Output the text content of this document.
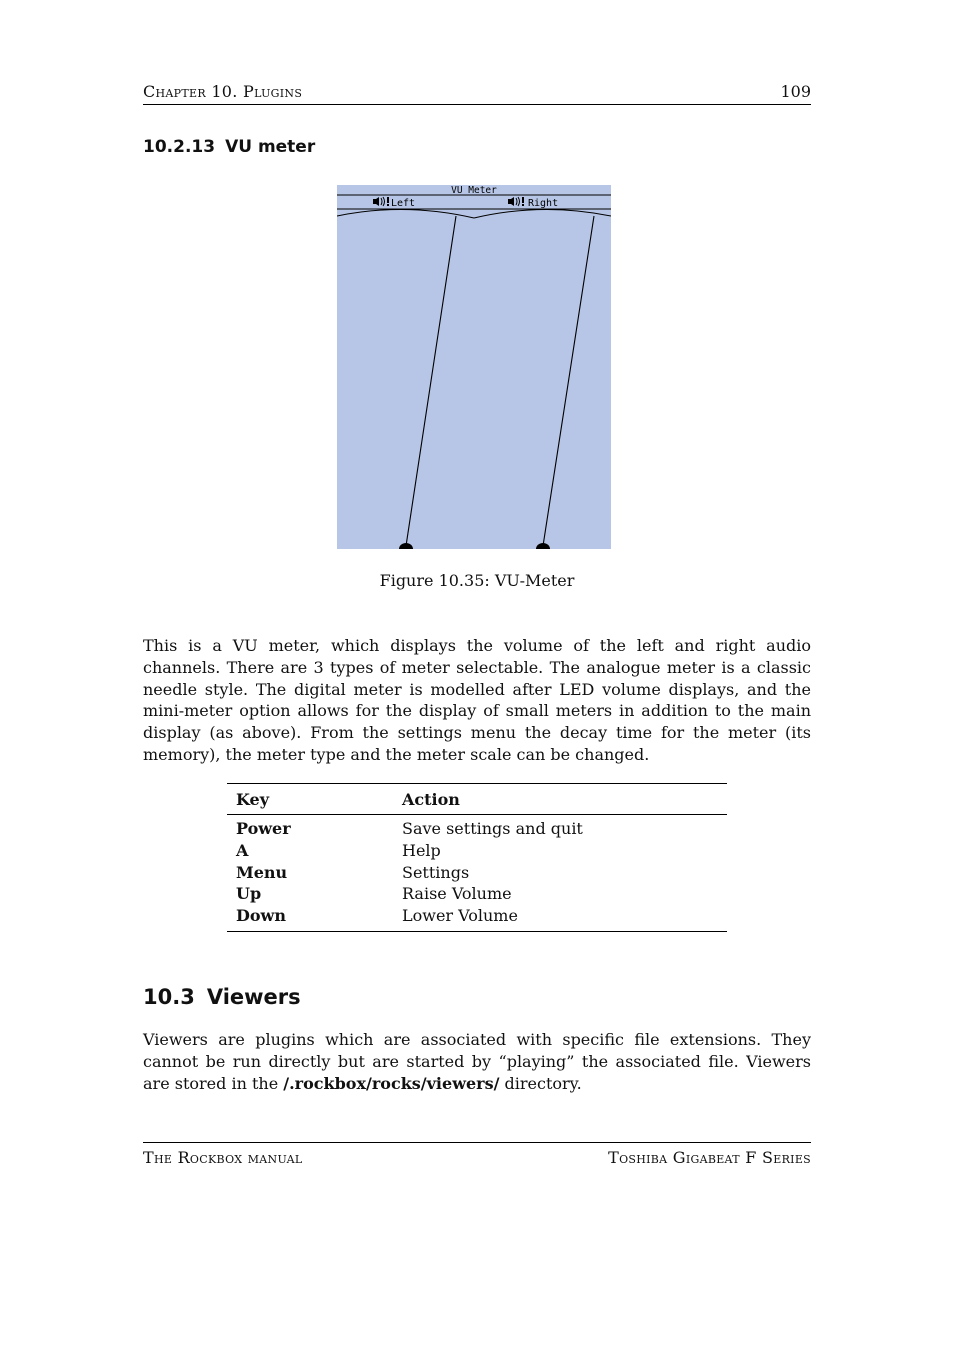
Chapter 10. Plugins	109
10.2.13 VU meter
VU Meter
Left	Right
Figure 10.35: VU-Meter

This is a VU meter, which displays the volume of the left and right audio channels. There are 3 types of meter selectable. The analogue meter is a classic needle style. The digital meter is modelled after LED volume displays, and the mini-meter option allows for the display of small meters in addition to the main display (as above). From the settings menu the decay time for the meter (its memory), the meter type and the meter scale can be changed.

Key	Action
Power	Save settings and quit
A	Help
Menu	Settings
Up	Raise Volume
Down	Lower Volume
10.3 Viewers

Viewers are plugins which are associated with specific file extensions. They cannot be run directly but are started by “playing” the associated file. Viewers are stored in the /.rockbox/rocks/viewers/ directory.

The Rockbox manual	Toshiba Gigabeat F Series
